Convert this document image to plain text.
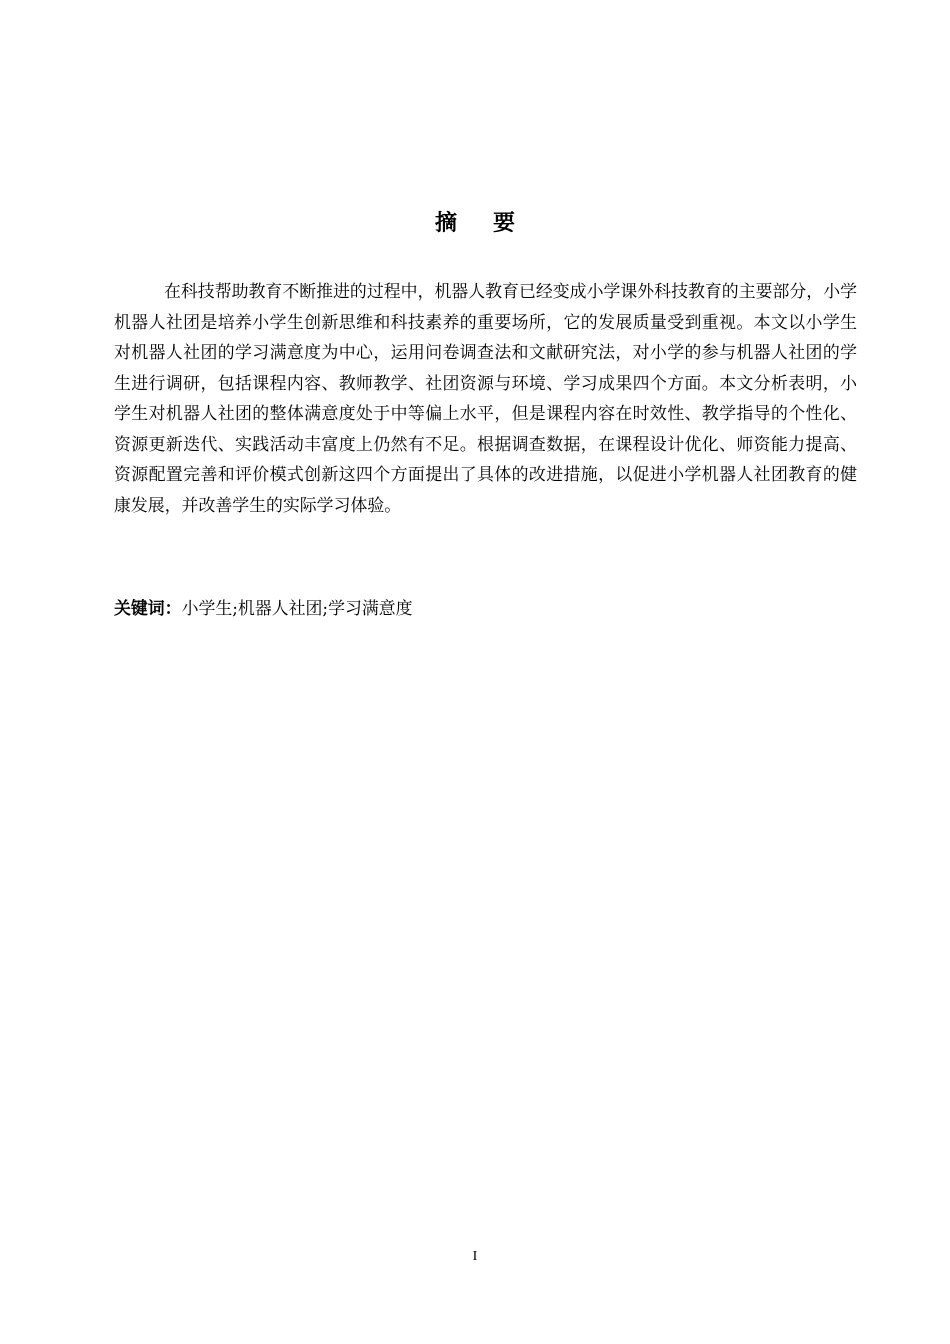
摘要

在科技帮助教育不断推进的过程中，机器人教育已经变成小学课外科技教育的主要部分，小学机器人社团是培养小学生创新思维和科技素养的重要场所，它的发展质量受到重视。本文以小学生对机器人社团的学习满意度为中心，运用问卷调查法和文献研究法，对小学的参与机器人社团的学生进行调研，包括课程内容、教师教学、社团资源与环境、学习成果四个方面。本文分析表明，小学生对机器人社团的整体满意度处于中等偏上水平，但是课程内容在时效性、教学指导的个性化、资源更新迭代、实践活动丰富度上仍然有不足。根据调查数据，在课程设计优化、师资能力提高、资源配置完善和评价模式创新这四个方面提出了具体的改进措施，以促进小学机器人社团教育的健康发展，并改善学生的实际学习体验。

关键词：小学生;机器人社团;学习满意度
I
